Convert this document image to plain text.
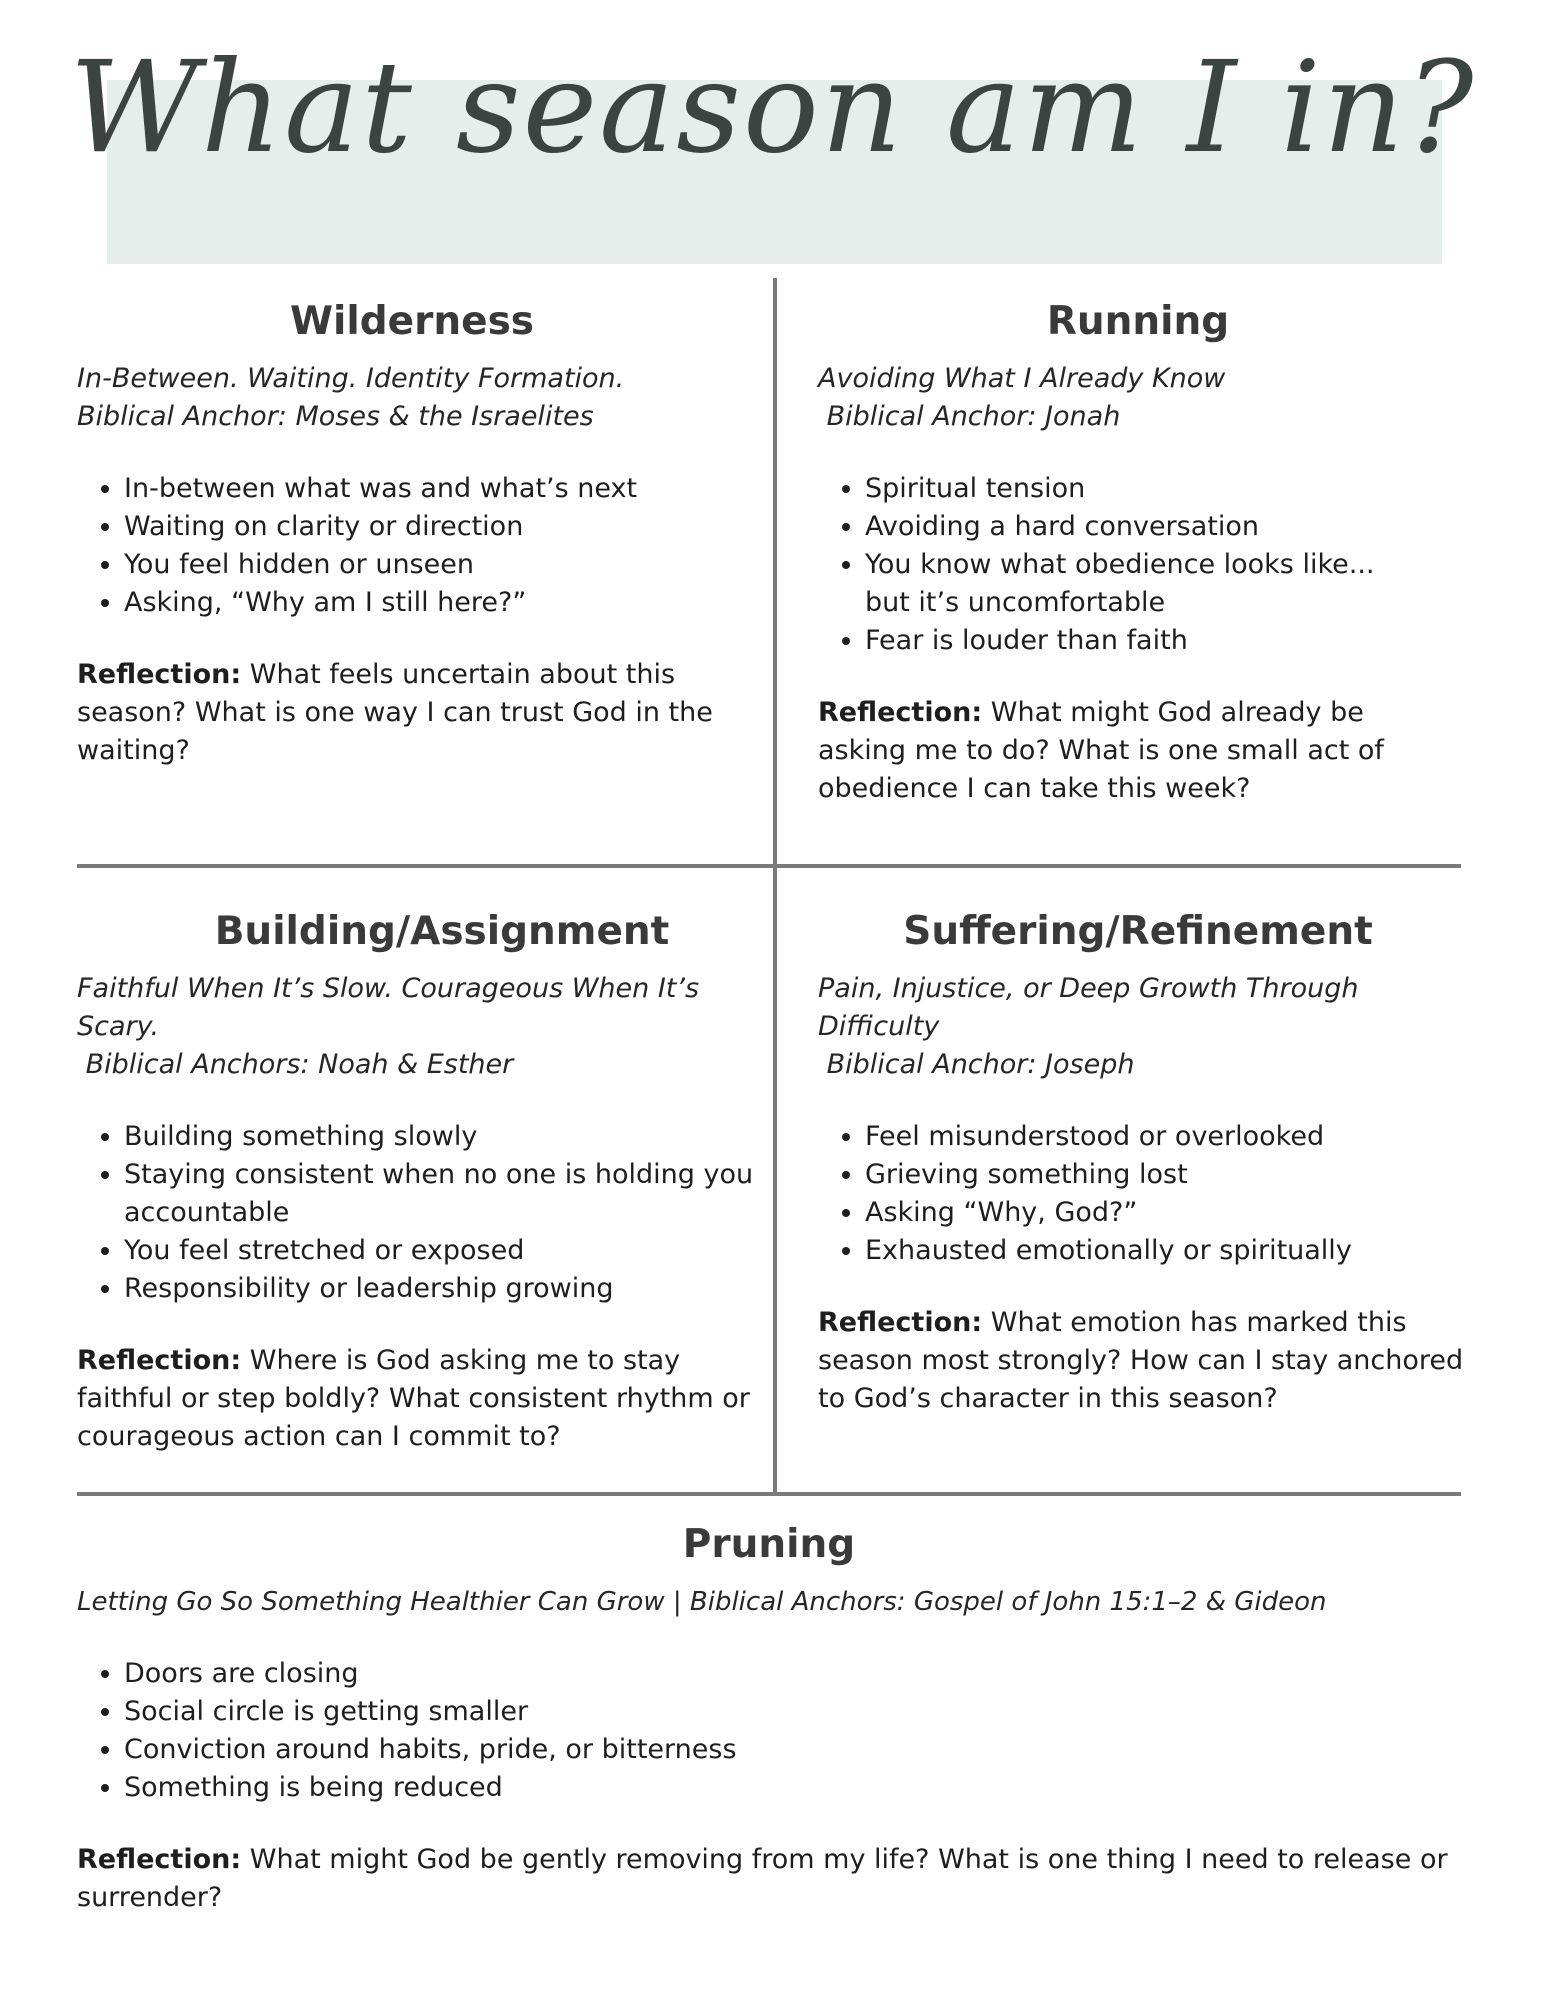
What season am I in?
Wilderness

In-Between. Waiting. Identity Formation.
Biblical Anchor: Moses & the Israelites

• In-between what was and what’s next
• Waiting on clarity or direction
• You feel hidden or unseen
• Asking, “Why am I still here?”

Reflection: What feels uncertain about this season? What is one way I can trust God in the waiting?

Running

Avoiding What I Already Know
Biblical Anchor: Jonah

• Spiritual tension
• Avoiding a hard conversation
• You know what obedience looks like... but it’s uncomfortable
• Fear is louder than faith

Reflection: What might God already be asking me to do? What is one small act of obedience I can take this week?

Building/Assignment

Faithful When It’s Slow. Courageous When It’s Scary.
Biblical Anchors: Noah & Esther

• Building something slowly
• Staying consistent when no one is holding you accountable
• You feel stretched or exposed
• Responsibility or leadership growing

Reflection: Where is God asking me to stay faithful or step boldly? What consistent rhythm or courageous action can I commit to?

Suffering/Refinement

Pain, Injustice, or Deep Growth Through Difficulty
Biblical Anchor: Joseph

• Feel misunderstood or overlooked
• Grieving something lost
• Asking “Why, God?”
• Exhausted emotionally or spiritually

Reflection: What emotion has marked this season most strongly? How can I stay anchored to God’s character in this season?

Pruning

Letting Go So Something Healthier Can Grow | Biblical Anchors: Gospel of John 15:1–2 & Gideon

• Doors are closing
• Social circle is getting smaller
• Conviction around habits, pride, or bitterness
• Something is being reduced

Reflection: What might God be gently removing from my life? What is one thing I need to release or surrender?
